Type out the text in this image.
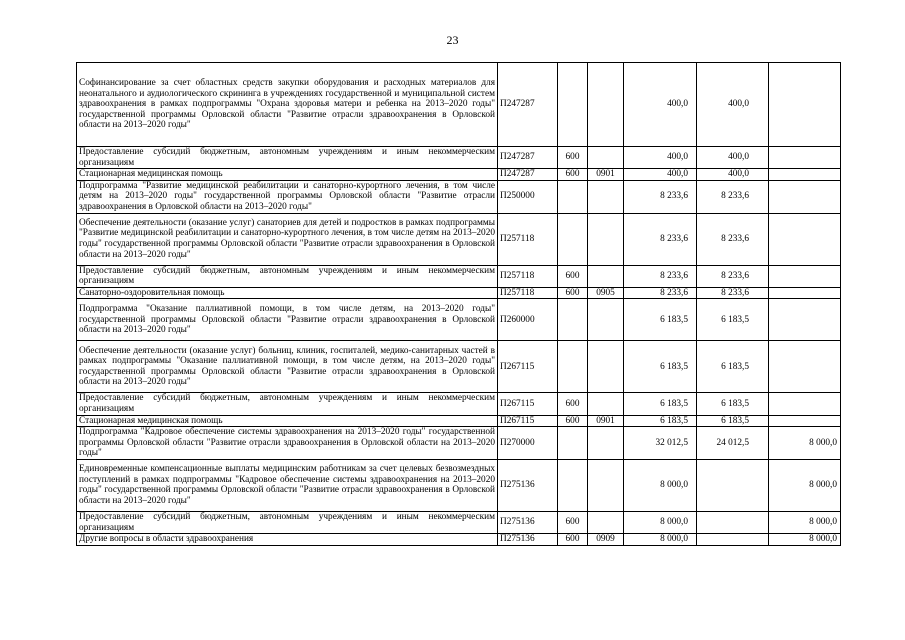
23
Софинансирование за счет областных средств закупки оборудования и расходных материалов для неонатального и аудиологического скрининга в учреждениях государственной и муниципальной систем здравоохранения в рамках подпрограммы "Охрана здоровья матери и ребенка на 2013–2020 годы" государственной программы Орловской области "Развитие отрасли здравоохранения в Орловской области на 2013–2020 годы"	П247287			400,0	400,0	
Предоставление субсидий бюджетным, автономным учреждениям и иным некоммерческим организациям	П247287	600		400,0	400,0	
Стационарная медицинская помощь	П247287	600	0901	400,0	400,0	
Подпрограмма "Развитие медицинской реабилитации и санаторно-курортного лечения, в том числе детям на 2013–2020 годы" государственной программы Орловской области "Развитие отрасли здравоохранения в Орловской области на 2013–2020 годы"	П250000			8 233,6	8 233,6	
Обеспечение деятельности (оказание услуг) санаториев для детей и подростков в рамках подпрограммы "Развитие медицинской реабилитации и санаторно-курортного лечения, в том числе детям на 2013–2020 годы" государственной программы Орловской области "Развитие отрасли здравоохранения в Орловской области на 2013–2020 годы"	П257118			8 233,6	8 233,6	
Предоставление субсидий бюджетным, автономным учреждениям и иным некоммерческим организациям	П257118	600		8 233,6	8 233,6	
Санаторно-оздоровительная помощь	П257118	600	0905	8 233,6	8 233,6	
Подпрограмма "Оказание паллиативной помощи, в том числе детям, на 2013–2020 годы" государственной программы Орловской области "Развитие отрасли здравоохранения в Орловской области на 2013–2020 годы"	П260000			6 183,5	6 183,5	
Обеспечение деятельности (оказание услуг) больниц, клиник, госпиталей, медико-санитарных частей в рамках подпрограммы "Оказание паллиативной помощи, в том числе детям, на 2013–2020 годы" государственной программы Орловской области "Развитие отрасли здравоохранения в Орловской области на 2013–2020 годы"	П267115			6 183,5	6 183,5	
Предоставление субсидий бюджетным, автономным учреждениям и иным некоммерческим организациям	П267115	600		6 183,5	6 183,5	
Стационарная медицинская помощь	П267115	600	0901	6 183,5	6 183,5	
Подпрограмма "Кадровое обеспечение системы здравоохранения на 2013–2020 годы" государственной программы Орловской области "Развитие отрасли здравоохранения в Орловской области на 2013–2020 годы"	П270000			32 012,5	24 012,5	8 000,0
Единовременные компенсационные выплаты медицинским работникам за счет целевых безвозмездных поступлений в рамках подпрограммы "Кадровое обеспечение системы здравоохранения на 2013–2020 годы" государственной программы Орловской области "Развитие отрасли здравоохранения в Орловской области на 2013–2020 годы"	П275136			8 000,0		8 000,0
Предоставление субсидий бюджетным, автономным учреждениям и иным некоммерческим организациям	П275136	600		8 000,0		8 000,0
Другие вопросы в области здравоохранения	П275136	600	0909	8 000,0		8 000,0
